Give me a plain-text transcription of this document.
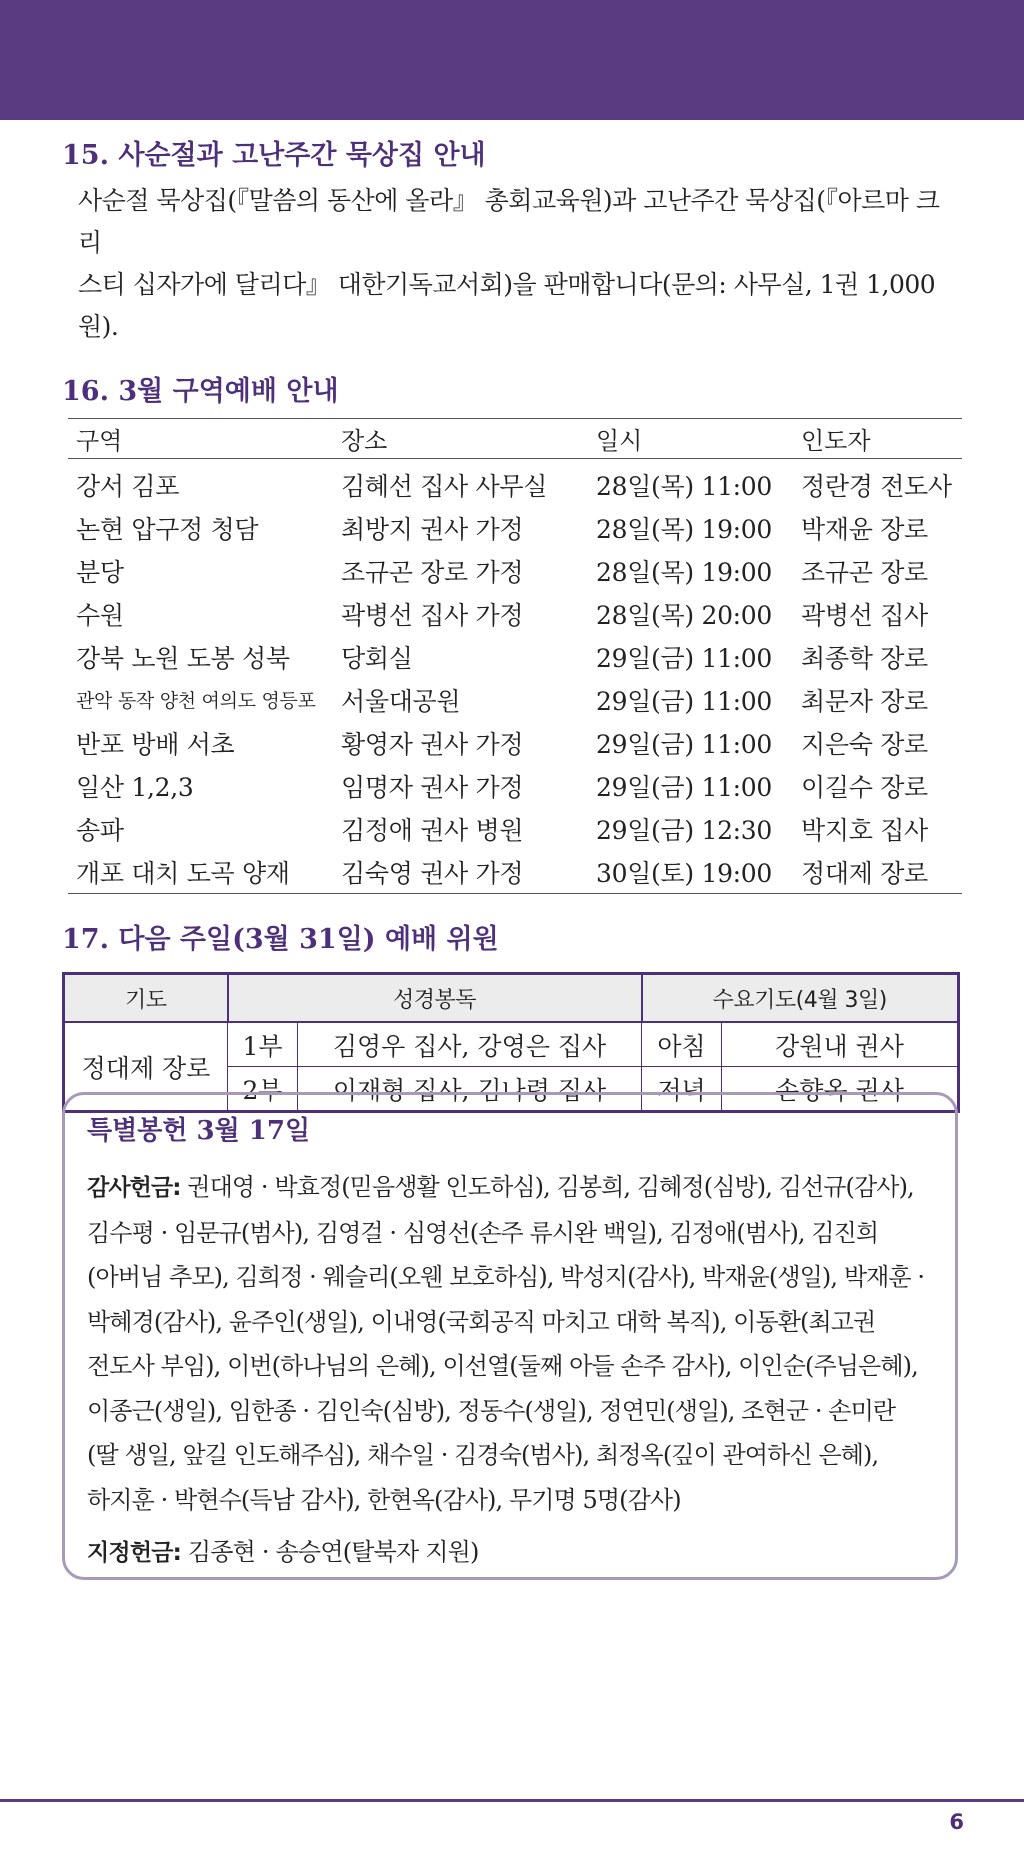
15. 사순절과 고난주간 묵상집 안내
사순절 묵상집(『말씀의 동산에 올라』 총회교육원)과 고난주간 묵상집(『아르마 크리
스티 십자가에 달리다』 대한기독교서회)을 판매합니다(문의: 사무실, 1권 1,000원).
16. 3월 구역예배 안내
구역	장소	일시	인도자
강서 김포	김혜선 집사 사무실	28일(목) 11:00	정란경 전도사
논현 압구정 청담	최방지 권사 가정	28일(목) 19:00	박재윤 장로
분당	조규곤 장로 가정	28일(목) 19:00	조규곤 장로
수원	곽병선 집사 가정	28일(목) 20:00	곽병선 집사
강북 노원 도봉 성북	당회실	29일(금) 11:00	최종학 장로
관악 동작 양천 여의도 영등포	서울대공원	29일(금) 11:00	최문자 장로
반포 방배 서초	황영자 권사 가정	29일(금) 11:00	지은숙 장로
일산 1,2,3	임명자 권사 가정	29일(금) 11:00	이길수 장로
송파	김정애 권사 병원	29일(금) 12:30	박지호 집사
개포 대치 도곡 양재	김숙영 권사 가정	30일(토) 19:00	정대제 장로
17. 다음 주일(3월 31일) 예배 위원
기도	성경봉독		수요기도(4월 3일)	
정대제 장로	1부	김영우 집사, 강영은 집사	아침	강원내 권사
	2부	이재형 집사, 김나령 집사	저녁	손향옥 권사
특별봉헌 3월 17일
감사헌금: 권대영 · 박효정(믿음생활 인도하심), 김봉희, 김혜정(심방), 김선규(감사),
김수평 · 임문규(범사), 김영걸 · 심영선(손주 류시완 백일), 김정애(범사), 김진희
(아버님 추모), 김희정 · 웨슬리(오웬 보호하심), 박성지(감사), 박재윤(생일), 박재훈 ·
박혜경(감사), 윤주인(생일), 이내영(국회공직 마치고 대학 복직), 이동환(최고권
전도사 부임), 이번(하나님의 은혜), 이선열(둘째 아들 손주 감사), 이인순(주님은혜),
이종근(생일), 임한종 · 김인숙(심방), 정동수(생일), 정연민(생일), 조현군 · 손미란
(딸 생일, 앞길 인도해주심), 채수일 · 김경숙(범사), 최정옥(깊이 관여하신 은혜),
하지훈 · 박현수(득남 감사), 한현옥(감사), 무기명 5명(감사)
지정헌금: 김종현 · 송승연(탈북자 지원)
6
